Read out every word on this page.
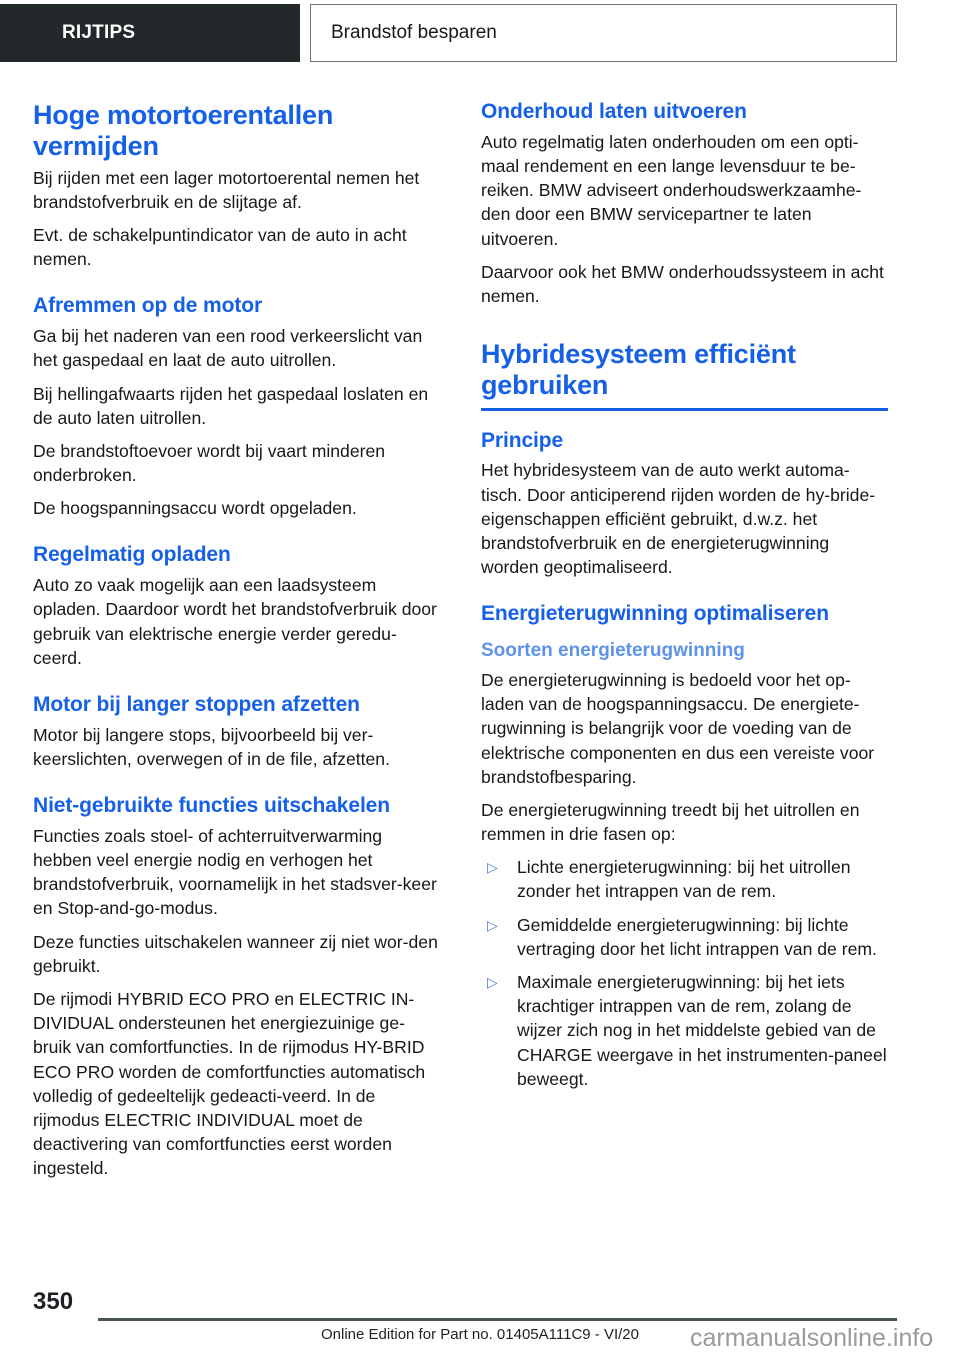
RIJTIPS	Brandstof besparen
Hoge motortoerentallen vermijden

Bij rijden met een lager motortoerental nemen het brandstofverbruik en de slijtage af.

Evt. de schakelpuntindicator van de auto in acht nemen.

Afremmen op de motor

Ga bij het naderen van een rood verkeerslicht van het gaspedaal en laat de auto uitrollen.

Bij hellingafwaarts rijden het gaspedaal loslaten en de auto laten uitrollen.

De brandstoftoevoer wordt bij vaart minderen onderbroken.

De hoogspanningsaccu wordt opgeladen.

Regelmatig opladen

Auto zo vaak mogelijk aan een laadsysteem opladen. Daardoor wordt het brandstofverbruik door gebruik van elektrische energie verder geredu-ceerd.

Motor bij langer stoppen afzetten

Motor bij langere stops, bijvoorbeeld bij ver-keerslichten, overwegen of in de file, afzetten.

Niet-gebruikte functies uitschakelen

Functies zoals stoel- of achterruitverwarming hebben veel energie nodig en verhogen het brandstofverbruik, voornamelijk in het stadsver-keer en Stop-and-go-modus.

Deze functies uitschakelen wanneer zij niet wor-den gebruikt.

De rijmodi HYBRID ECO PRO en ELECTRIC IN-DIVIDUAL ondersteunen het energiezuinige ge-bruik van comfortfuncties. In de rijmodus HY-BRID ECO PRO worden de comfortfuncties automatisch volledig of gedeeltelijk gedeacti-veerd. In de rijmodus ELECTRIC INDIVIDUAL moet de deactivering van comfortfuncties eerst worden ingesteld.

Onderhoud laten uitvoeren

Auto regelmatig laten onderhouden om een opti-maal rendement en een lange levensduur te be-reiken. BMW adviseert onderhoudswerkzaamhe-den door een BMW servicepartner te laten uitvoeren.

Daarvoor ook het BMW onderhoudssysteem in acht nemen.

Hybridesysteem efficiënt gebruiken
Principe

Het hybridesysteem van de auto werkt automa-tisch. Door anticiperend rijden worden de hy-bride-eigenschappen efficiënt gebruikt, d.w.z. het brandstofverbruik en de energieterugwinning worden geoptimaliseerd.

Energieterugwinning optimaliseren
Soorten energieterugwinning

De energieterugwinning is bedoeld voor het op-laden van de hoogspanningsaccu. De energiete-rugwinning is belangrijk voor de voeding van de elektrische componenten en dus een vereiste voor brandstofbesparing.

De energieterugwinning treedt bij het uitrollen en remmen in drie fasen op:

▷ Lichte energieterugwinning: bij het uitrollen zonder het intrappen van de rem.
▷ Gemiddelde energieterugwinning: bij lichte vertraging door het licht intrappen van de rem.
▷ Maximale energieterugwinning: bij het iets krachtiger intrappen van de rem, zolang de wijzer zich nog in het middelste gebied van de CHARGE weergave in het instrumenten-paneel beweegt.
350
Online Edition for Part no. 01405A111C9 - VI/20	carmanualsonline.info
